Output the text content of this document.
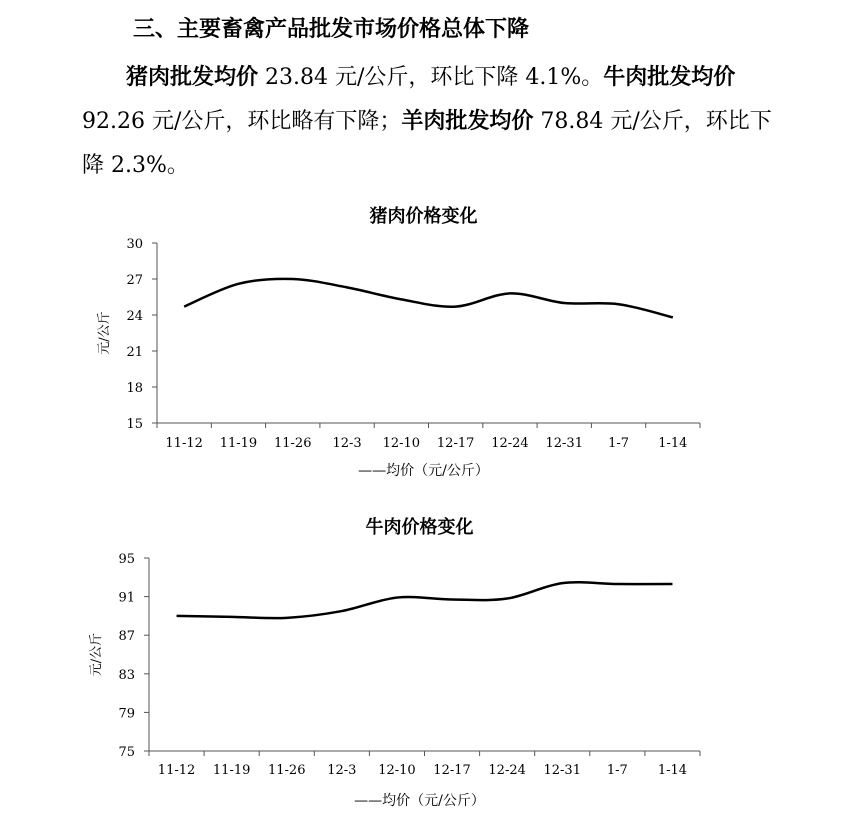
三、主要畜禽产品批发市场价格总体下降

猪肉批发均价 23.84 元/公斤，环比下降 4.1%。牛肉批发均价 92.26 元/公斤，环比略有下降；羊肉批发均价 78.84 元/公斤，环比下降 2.3%。

猪肉价格变化
30
27
24
21
18
15
11-12 11-19 11-26 12-3 12-10 12-17 12-24 12-31 1-7 1-14
元/公斤
——均价（元/公斤）
牛肉价格变化
95
91
87
83
79
75
11-12 11-19 11-26 12-3 12-10 12-17 12-24 12-31 1-7 1-14
元/公斤
——均价（元/公斤）
